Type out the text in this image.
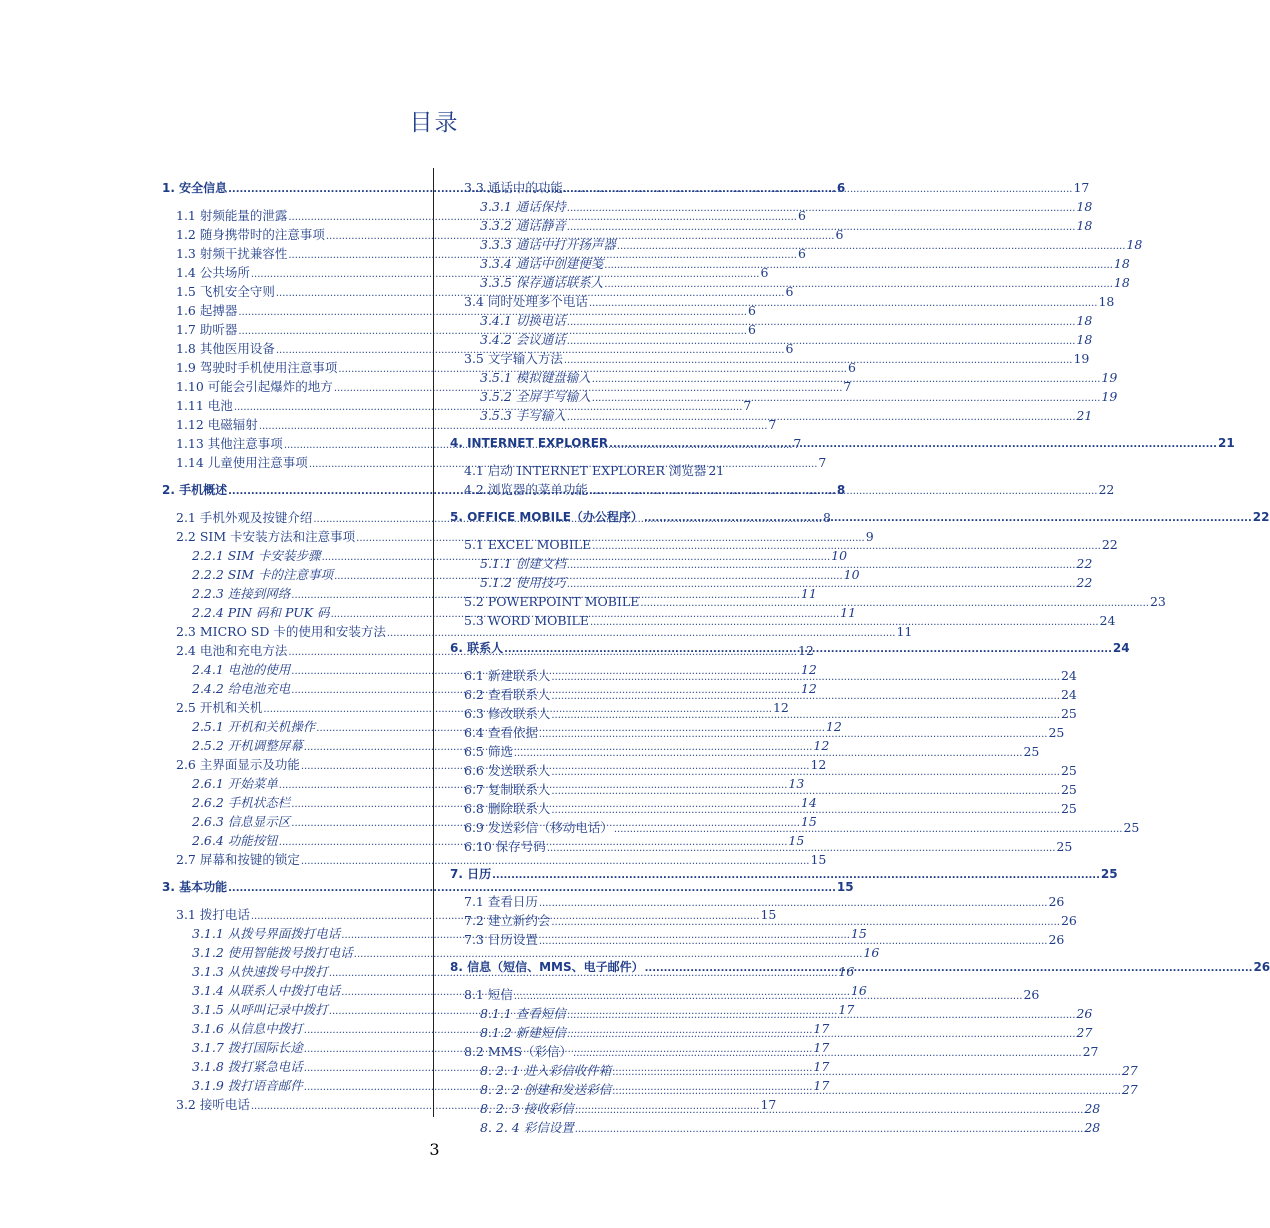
目录
1. 安全信息 .....	6
1.1 射频能量的泄露 .....	6
1.2 随身携带时的注意事项 .....	6
1.3 射频干扰兼容性 .....	6
1.4 公共场所 .....	6
1.5 飞机安全守则 .....	6
1.6 起搏器 .....	6
1.7 助听器 .....	6
1.8 其他医用设备 .....	6
1.9 驾驶时手机使用注意事项 .....	6
1.10 可能会引起爆炸的地方 .....	7
1.11 电池 .....	7
1.12 电磁辐射 .....	7
1.13 其他注意事项 .....	7
1.14 儿童使用注意事项 .....	7
2. 手机概述 .....	8
2.1 手机外观及按键介绍 .....	8
2.2 SIM 卡安装方法和注意事项 .....	9
2.2.1 SIM 卡安装步骤 .....	10
2.2.2 SIM 卡的注意事项 .....	10
2.2.3 连接到网络 .....	11
2.2.4 PIN 码和 PUK 码 .....	11
2.3 MICRO SD 卡的使用和安装方法 .....	11
2.4 电池和充电方法 .....	12
2.4.1 电池的使用 .....	12
2.4.2 给电池充电 .....	12
2.5 开机和关机 .....	12
2.5.1 开机和关机操作 .....	12
2.5.2 开机调整屏幕 .....	12
2.6 主界面显示及功能 .....	12
2.6.1 开始菜单 .....	13
2.6.2 手机状态栏 .....	14
2.6.3 信息显示区 .....	15
2.6.4 功能按钮 .....	15
2.7 屏幕和按键的锁定 .....	15
3. 基本功能 .....	15
3.1 拨打电话 .....	15
3.1.1 从拨号界面拨打电话 .....	15
3.1.2 使用智能拨号拨打电话 .....	16
3.1.3 从快速拨号中拨打 .....	16
3.1.4 从联系人中拨打电话 .....	16
3.1.5 从呼叫记录中拨打 .....	17
3.1.6 从信息中拨打 .....	17
3.1.7 拨打国际长途 .....	17
3.1.8 拨打紧急电话 .....	17
3.1.9 拨打语音邮件 .....	17
3.2 接听电话 .....	17
3.3 通话中的功能 .....	17
3.3.1 通话保持 .....	18
3.3.2 通话静音 .....	18
3.3.3 通话中打开扬声器 .....	18
3.3.4 通话中创建便笺 .....	18
3.3.5 保存通话联系人 .....	18
3.4 同时处理多个电话 .....	18
3.4.1 切换电话 .....	18
3.4.2 会议通话 .....	18
3.5 文字输入方法 .....	19
3.5.1 模拟键盘输入 .....	19
3.5.2 全屏手写输入 .....	19
3.5.3 手写输入 .....	21
4. INTERNET EXPLORER .....	21
4.1 启动 INTERNET EXPLORER 浏览器 21
4.2 浏览器的菜单功能 .....	22
5. OFFICE MOBILE（办公程序） .....	22
5.1 EXCEL MOBILE .....	22
5.1.1 创建文档 .....	22
5.1.2 使用技巧 .....	22
5.2 POWERPOINT MOBILE .....	23
5.3 WORD MOBILE .....	24
6. 联系人 .....	24
6.1 新建联系人 .....	24
6.2 查看联系人 .....	24
6.3 修改联系人 .....	25
6.4 查看依据 .....	25
6.5 筛选 .....	25
6.6 发送联系人 .....	25
6.7 复制联系人 .....	25
6.8 删除联系人 .....	25
6.9 发送彩信（移动电话） .....	25
6.10 保存号码 .....	25
7. 日历 .....	25
7.1 查看日历 .....	26
7.2 建立新约会 .....	26
7.3 日历设置 .....	26
8. 信息（短信、MMS、电子邮件） .....	26
8.1 短信 .....	26
8.1.1 查看短信 .....	26
8.1.2 新建短信 .....	27
8.2 MMS（彩信） .....	27
8. 2. 1 进入彩信收件箱 .....	27
8. 2. 2 创建和发送彩信 .....	27
8. 2. 3 接收彩信 .....	28
8. 2. 4 彩信设置 .....	28
3
